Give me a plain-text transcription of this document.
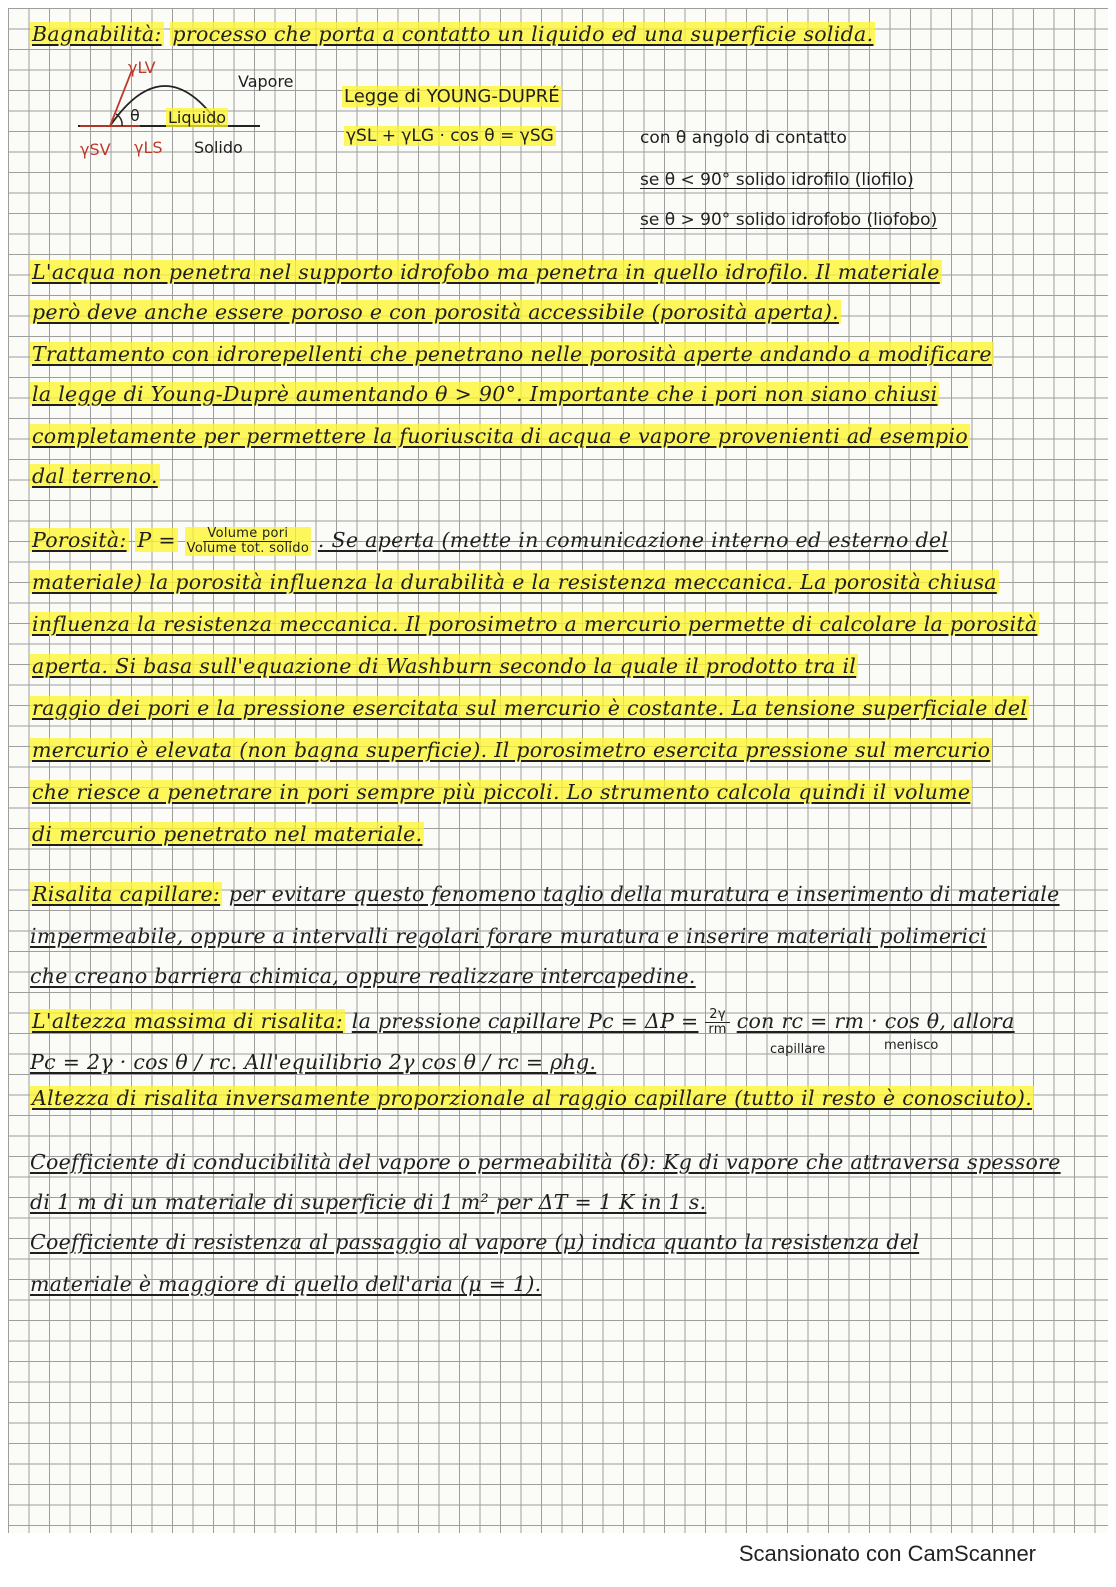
Bagnabilità: processo che porta a contatto un liquido ed una superficie solida.
γLV
Vapore
θ Liquido
γSV γLS Solido
Legge di YOUNG-DUPRÉ
γSL + γLG · cos θ = γSG	con θ angolo di contatto
se θ < 90° solido idrofilo (liofilo)
se θ > 90° solido idrofobo (liofobo)
L'acqua non penetra nel supporto idrofobo ma penetra in quello idrofilo. Il materiale
però deve anche essere poroso e con porosità accessibile (porosità aperta).
Trattamento con idrorepellenti che penetrano nelle porosità aperte andando a modificare
la legge di Young-Duprè aumentando θ > 90°. Importante che i pori non siano chiusi
completamente per permettere la fuoriuscita di acqua e vapore provenienti ad esempio
dal terreno.
Porosità: $P = \frac{\text{Volume pori}}{\text{Volume tot. solido}}$ . Se aperta (mette in comunicazione interno ed esterno del
materiale) la porosità influenza la durabilità e la resistenza meccanica. La porosità chiusa
influenza la resistenza meccanica. Il porosimetro a mercurio permette di calcolare la porosità
aperta. Si basa sull'equazione di Washburn secondo la quale il prodotto tra il
raggio dei pori e la pressione esercitata sul mercurio è costante. La tensione superficiale del
mercurio è elevata (non bagna superficie). Il porosimetro esercita pressione sul mercurio
che riesce a penetrare in pori sempre più piccoli. Lo strumento calcola quindi il volume
di mercurio penetrato nel materiale.
Risalita capillare: per evitare questo fenomeno taglio della muratura e inserimento di materiale
impermeabile, oppure a intervalli regolari forare muratura e inserire materiali polimerici
che creano barriera chimica, oppure realizzare intercapedine.
L'altezza massima di risalita: la pressione capillare $Pc = \Delta P = \frac{2\gamma}{rm}$ con rc = rm · cos θ, allora
capillare	menisco
Pc = 2γ · cos θ / rc. All'equilibrio 2γ cos θ / rc = ρhg.
Altezza di risalita inversamente proporzionale al raggio capillare (tutto il resto è conosciuto).
Coefficiente di conducibilità del vapore o permeabilità (δ): Kg di vapore che attraversa spessore
di 1 m di un materiale di superficie di 1 m² per ΔT = 1 K in 1 s.
Coefficiente di resistenza al passaggio al vapore (μ) indica quanto la resistenza del
materiale è maggiore di quello dell'aria (μ = 1).
Scansionato con CamScanner
